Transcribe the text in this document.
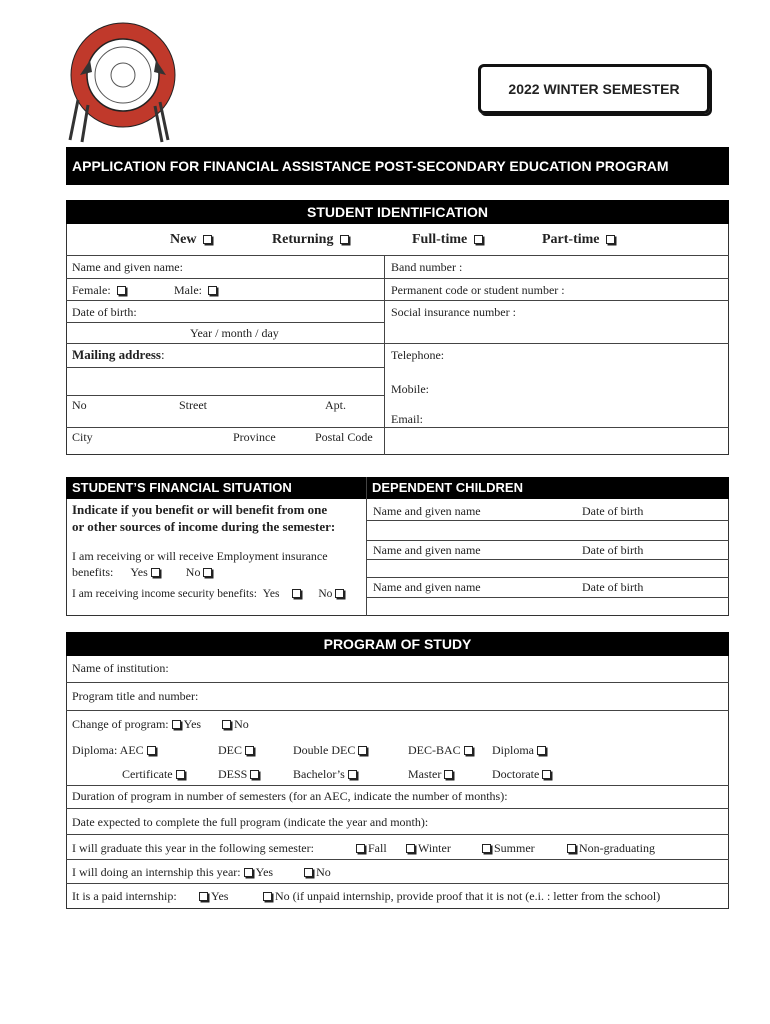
2022 WINTER SEMESTER
APPLICATION FOR FINANCIAL ASSISTANCE POST-SECONDARY EDUCATION PROGRAM
STUDENT IDENTIFICATION
New	Returning	Full-time	Part-time
Name and given name:	Band number :
Female:	Male:	Permanent code or student number :
Date of birth:	Social insurance number :
Year / month / day
Mailing address:	Telephone:
Mobile:
No	Street	Apt.
Email:
City	Province	Postal Code
STUDENT’S FINANCIAL SITUATION	DEPENDENT CHILDREN
Indicate if you benefit or will benefit from one
or other sources of income during the semester:
I am receiving or will receive Employment insurance
benefits: Yes	No
I am receiving income security benefits: Yes	No
Name and given name	Date of birth
Name and given name	Date of birth
Name and given name	Date of birth
PROGRAM OF STUDY
Name of institution:
Program title and number:
Change of program: Yes	No
Diploma: AEC	DEC	Double DEC	DEC-BAC	Diploma
Certificate	DESS	Bachelor’s	Master	Doctorate
Duration of program in number of semesters (for an AEC, indicate the number of months):
Date expected to complete the full program (indicate the year and month):
I will graduate this year in the following semester:	Fall	Winter	Summer	Non-graduating
I will doing an internship this year: Yes	No
It is a paid internship:	Yes	No (if unpaid internship, provide proof that it is not (e.i. : letter from the school)
